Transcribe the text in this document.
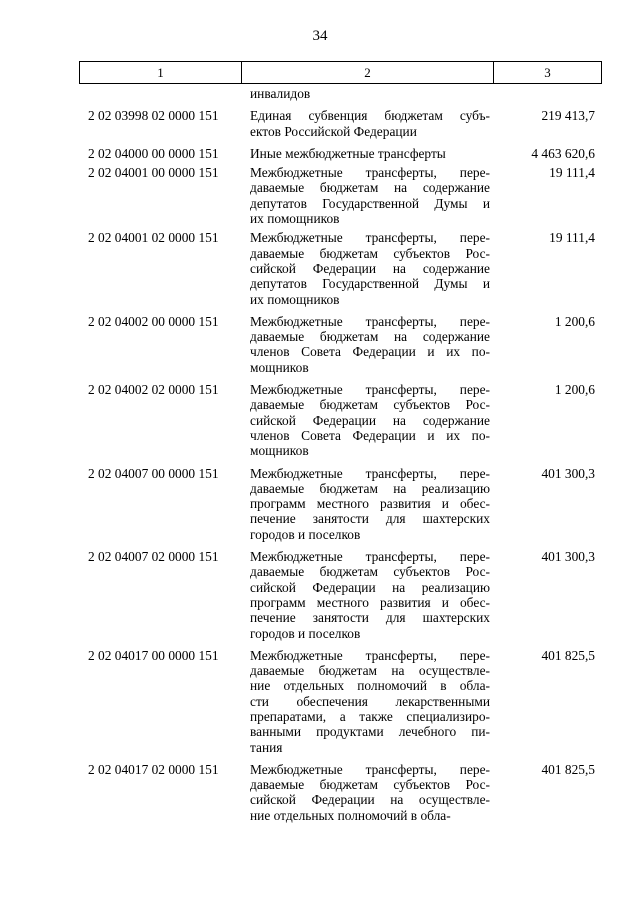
34
1	2	3
инвалидов
2 02 03998 02 0000 151 Единая субвенция бюджетам субъ-
ектов Российской Федерации
219 413,7
2 02 04000 00 0000 151 Иные межбюджетные трансферты	4 463 620,6
2 02 04001 00 0000 151 Межбюджетные трансферты, пере-
даваемые бюджетам на содержание
депутатов Государственной Думы и
их помощников
19 111,4
2 02 04001 02 0000 151 Межбюджетные трансферты, пере-
даваемые бюджетам субъектов Рос-
сийской Федерации на содержание
депутатов Государственной Думы и
их помощников
19 111,4
2 02 04002 00 0000 151 Межбюджетные трансферты, пере-
даваемые бюджетам на содержание
членов Совета Федерации и их по-
мощников
1 200,6
2 02 04002 02 0000 151 Межбюджетные трансферты, пере-
даваемые бюджетам субъектов Рос-
сийской Федерации на содержание
членов Совета Федерации и их по-
мощников
1 200,6
2 02 04007 00 0000 151 Межбюджетные трансферты, пере-
даваемые бюджетам на реализацию
программ местного развития и обес-
печение занятости для шахтерских
городов и поселков
401 300,3
2 02 04007 02 0000 151 Межбюджетные трансферты, пере-
даваемые бюджетам субъектов Рос-
сийской Федерации на реализацию
программ местного развития и обес-
печение занятости для шахтерских
городов и поселков
401 300,3
2 02 04017 00 0000 151 Межбюджетные трансферты, пере-
даваемые бюджетам на осуществле-
ние отдельных полномочий в обла-
сти обеспечения лекарственными
препаратами, а также специализиро-
ванными продуктами лечебного пи-
тания
401 825,5
2 02 04017 02 0000 151 Межбюджетные трансферты, пере-
даваемые бюджетам субъектов Рос-
сийской Федерации на осуществле-
ние отдельных полномочий в обла-
401 825,5
